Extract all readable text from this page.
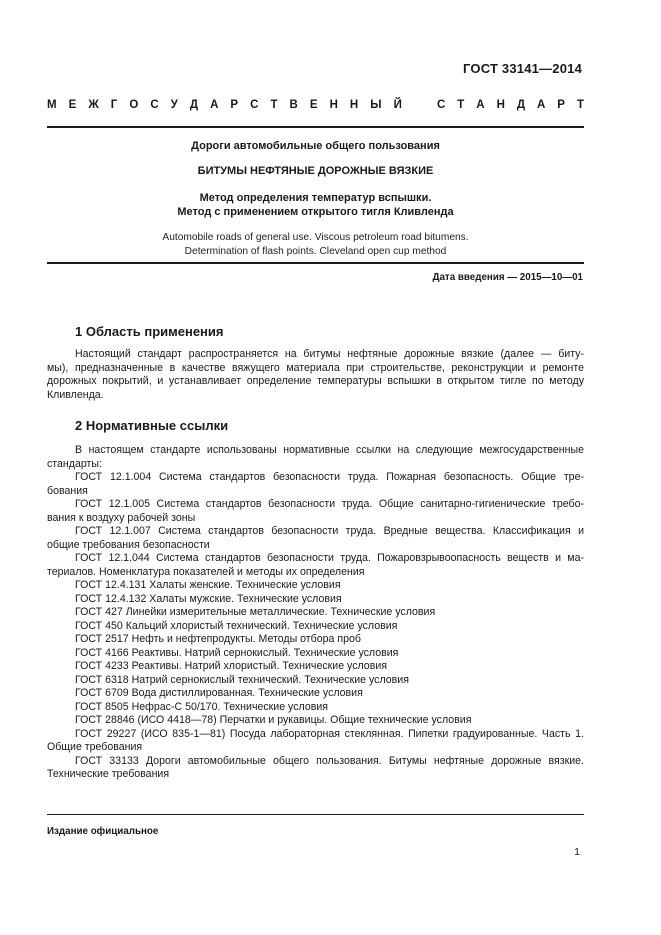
ГОСТ 33141—2014
М Е Ж Г О С У Д А Р С Т В Е Н Н Ы Й	С Т А Н Д А Р Т
Дороги автомобильные общего пользования
БИТУМЫ НЕФТЯНЫЕ ДОРОЖНЫЕ ВЯЗКИЕ
Метод определения температур вспышки.
Метод с применением открытого тигля Кливленда
Automobile roads of general use. Viscous petroleum road bitumens.
Determination of flash points. Cleveland open cup method
Дата введения — 2015—10—01
1 Область применения
Настоящий стандарт распространяется на битумы нефтяные дорожные вязкие (далее — биту-
мы), предназначенные в качестве вяжущего материала при строительстве, реконструкции и ремонте
дорожных покрытий, и устанавливает определение температуры вспышки в открытом тигле по методу
Кливленда.
2 Нормативные ссылки
В настоящем стандарте использованы нормативные ссылки на следующие межгосударственные
стандарты:
ГОСТ 12.1.004 Система стандартов безопасности труда. Пожарная безопасность. Общие тре-
бования
ГОСТ 12.1.005 Система стандартов безопасности труда. Общие санитарно-гигиенические требо-
вания к воздуху рабочей зоны
ГОСТ 12.1.007 Система стандартов безопасности труда. Вредные вещества. Классификация и
общие требования безопасности
ГОСТ 12.1.044 Система стандартов безопасности труда. Пожаровзрывоопасность веществ и ма-
териалов. Номенклатура показателей и методы их определения
ГОСТ 12.4.131 Халаты женские. Технические условия
ГОСТ 12.4.132 Халаты мужские. Технические условия
ГОСТ 427 Линейки измерительные металлические. Технические условия
ГОСТ 450 Кальций хлористый технический. Технические условия
ГОСТ 2517 Нефть и нефтепродукты. Методы отбора проб
ГОСТ 4166 Реактивы. Натрий сернокислый. Технические условия
ГОСТ 4233 Реактивы. Натрий хлористый. Технические условия
ГОСТ 6318 Натрий сернокислый технический. Технические условия
ГОСТ 6709 Вода дистиллированная. Технические условия
ГОСТ 8505 Нефрас-С 50/170. Технические условия
ГОСТ 28846 (ИСО 4418—78) Перчатки и рукавицы. Общие технические условия
ГОСТ 29227 (ИСО 835-1—81) Посуда лабораторная стеклянная. Пипетки градуированные. Часть 1.
Общие требования
ГОСТ 33133 Дороги автомобильные общего пользования. Битумы нефтяные дорожные вязкие.
Технические требования
Издание официальное
1
